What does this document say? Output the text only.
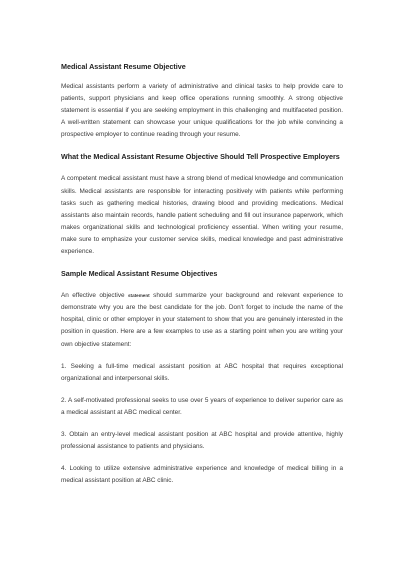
Medical Assistant Resume Objective

Medical assistants perform a variety of administrative and clinical tasks to help provide care to patients, support physicians and keep office operations running smoothly. A strong objective statement is essential if you are seeking employment in this challenging and multifaceted position. A well-written statement can showcase your unique qualifications for the job while convincing a prospective employer to continue reading through your resume.

What the Medical Assistant Resume Objective Should Tell Prospective Employers

A competent medical assistant must have a strong blend of medical knowledge and communication skills. Medical assistants are responsible for interacting positively with patients while performing tasks such as gathering medical histories, drawing blood and providing medications. Medical assistants also maintain records, handle patient scheduling and fill out insurance paperwork, which makes organizational skills and technological proficiency essential. When writing your resume, make sure to emphasize your customer service skills, medical knowledge and past administrative experience.

Sample Medical Assistant Resume Objectives

An effective objective statement should summarize your background and relevant experience to demonstrate why you are the best candidate for the job. Don't forget to include the name of the hospital, clinic or other employer in your statement to show that you are genuinely interested in the position in question. Here are a few examples to use as a starting point when you are writing your own objective statement:

1. Seeking a full-time medical assistant position at ABC hospital that requires exceptional organizational and interpersonal skills.

2. A self-motivated professional seeks to use over 5 years of experience to deliver superior care as a medical assistant at ABC medical center.

3. Obtain an entry-level medical assistant position at ABC hospital and provide attentive, highly professional assistance to patients and physicians.

4. Looking to utilize extensive administrative experience and knowledge of medical billing in a medical assistant position at ABC clinic.
